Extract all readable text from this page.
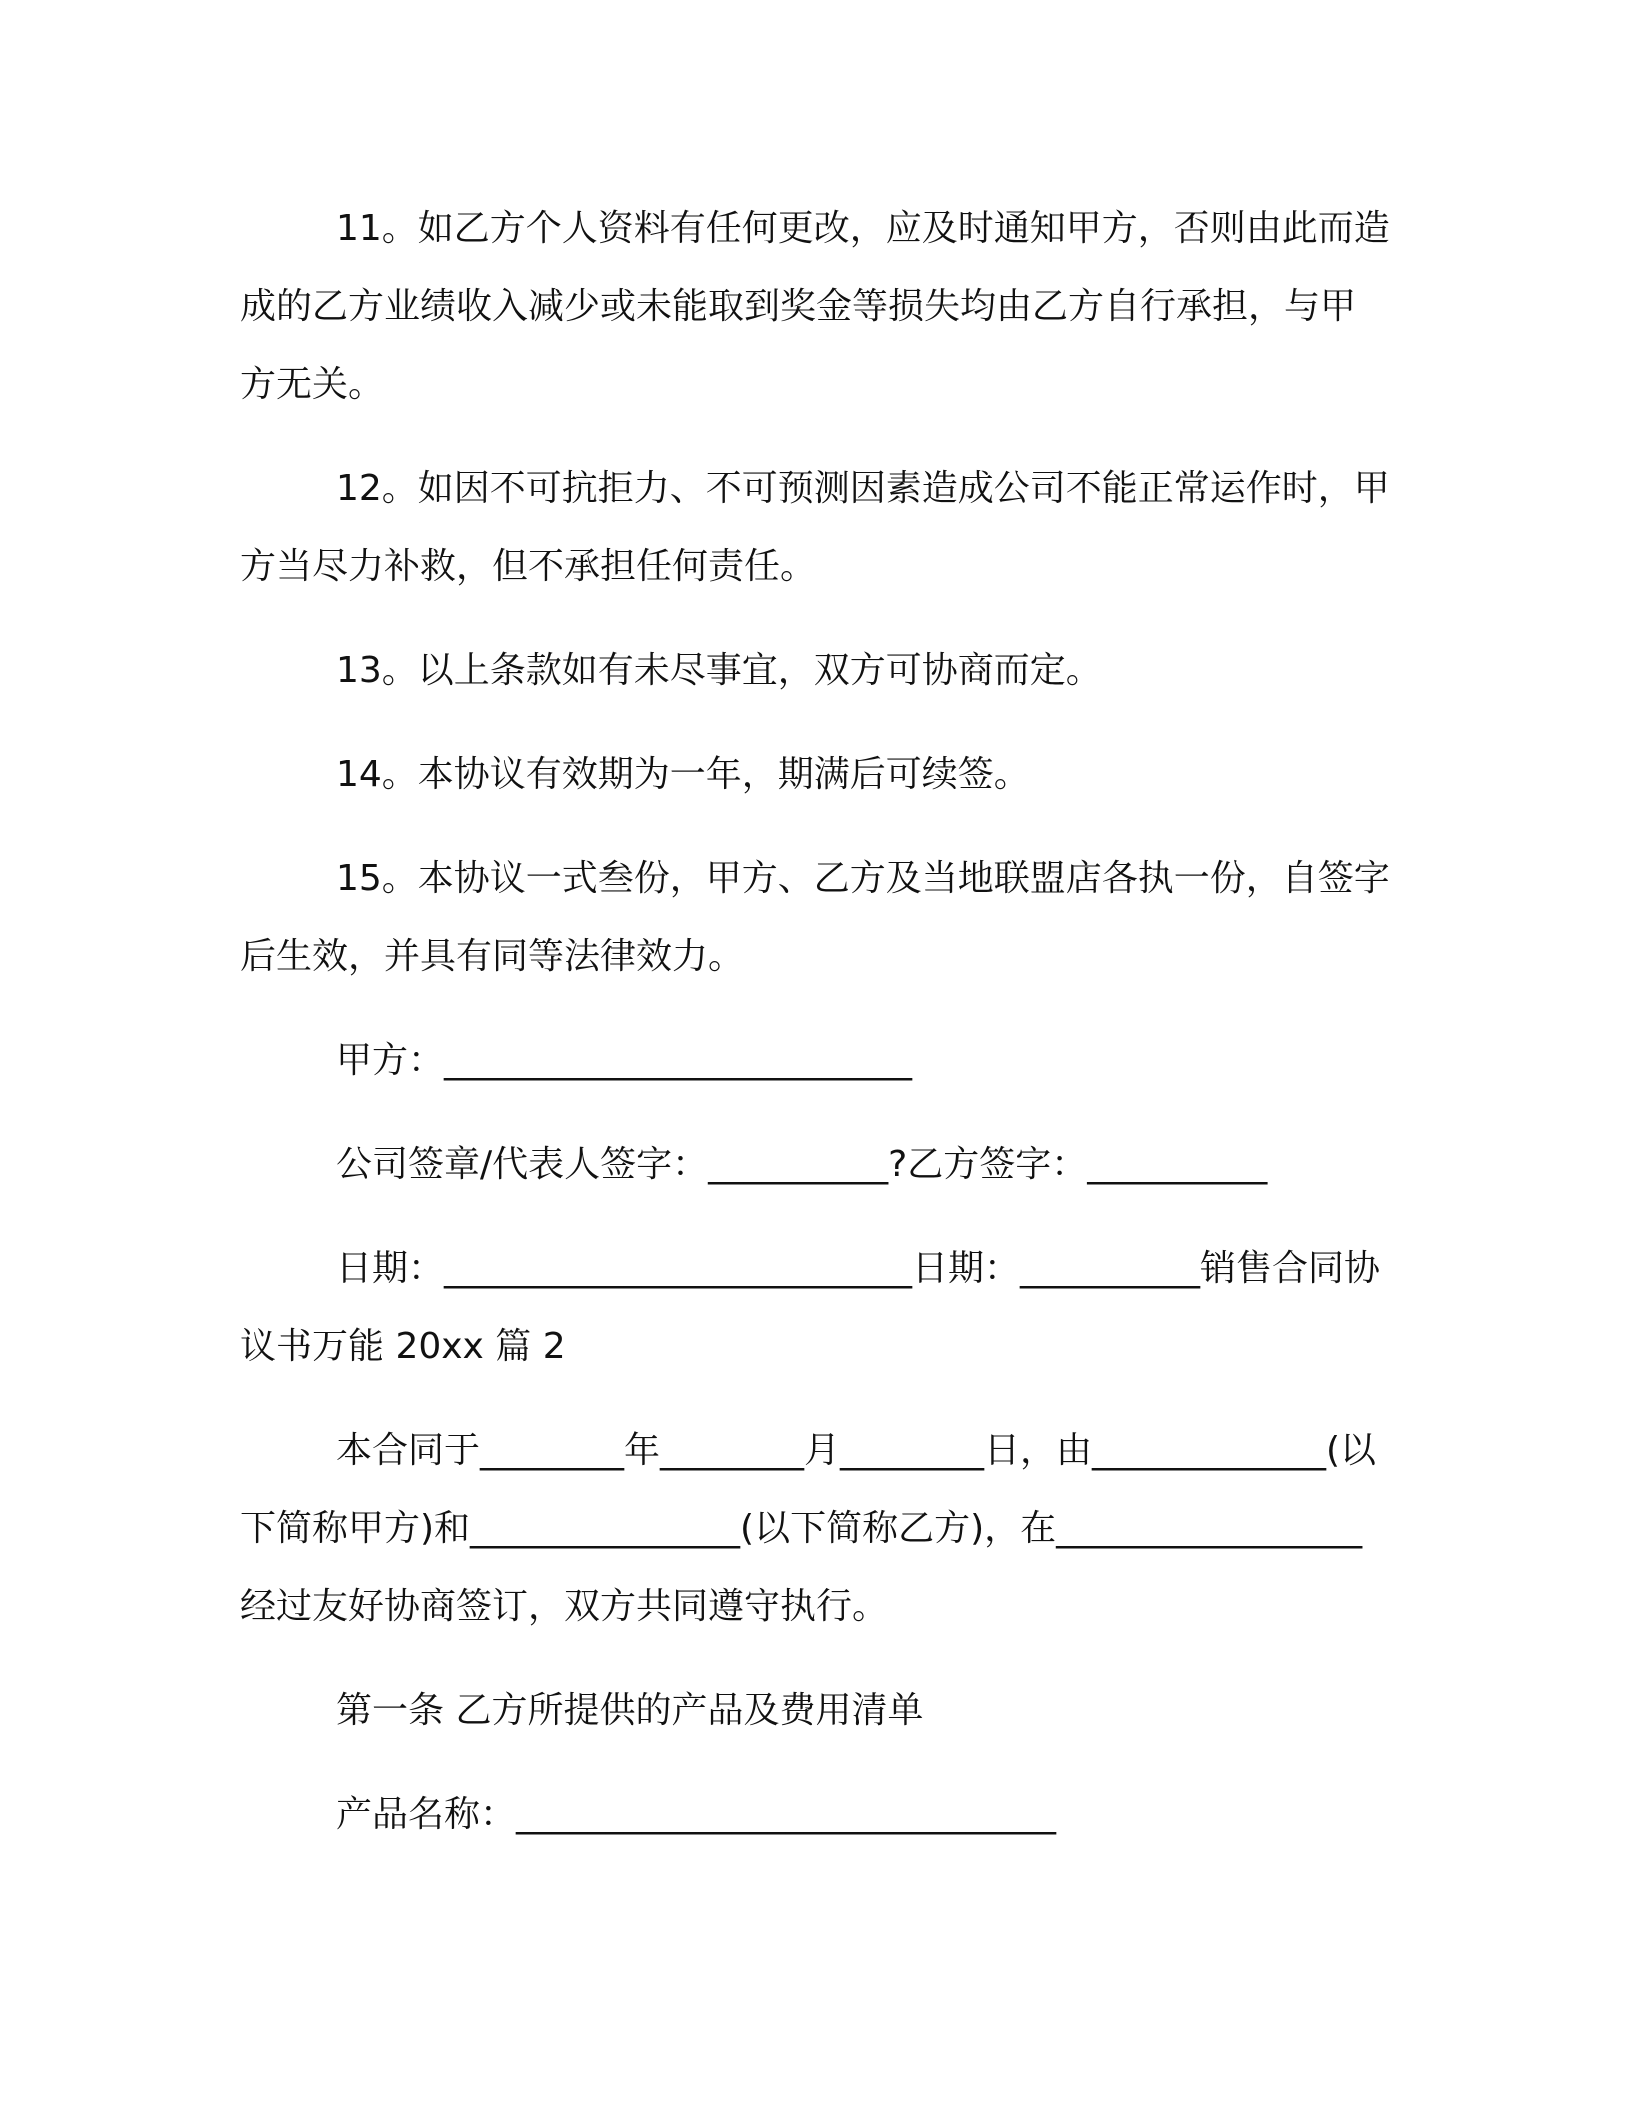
11。如乙方个人资料有任何更改，应及时通知甲方，否则由此而造成的乙方业绩收入减少或未能取到奖金等损失均由乙方自行承担，与甲方无关。

12。如因不可抗拒力、不可预测因素造成公司不能正常运作时，甲方当尽力补救，但不承担任何责任。

13。以上条款如有未尽事宜，双方可协商而定。

14。本协议有效期为一年，期满后可续签。

15。本协议一式叁份，甲方、乙方及当地联盟店各执一份，自签字后生效，并具有同等法律效力。

甲方：__________________________

公司签章/代表人签字：__________?乙方签字：__________

日期：__________________________日期：__________销售合同协议书万能 20xx 篇 2

本合同于________年________月________日，由_____________(以下简称甲方)和_______________(以下简称乙方)，在_________________经过友好协商签订，双方共同遵守执行。

第一条 乙方所提供的产品及费用清单

产品名称：______________________________
